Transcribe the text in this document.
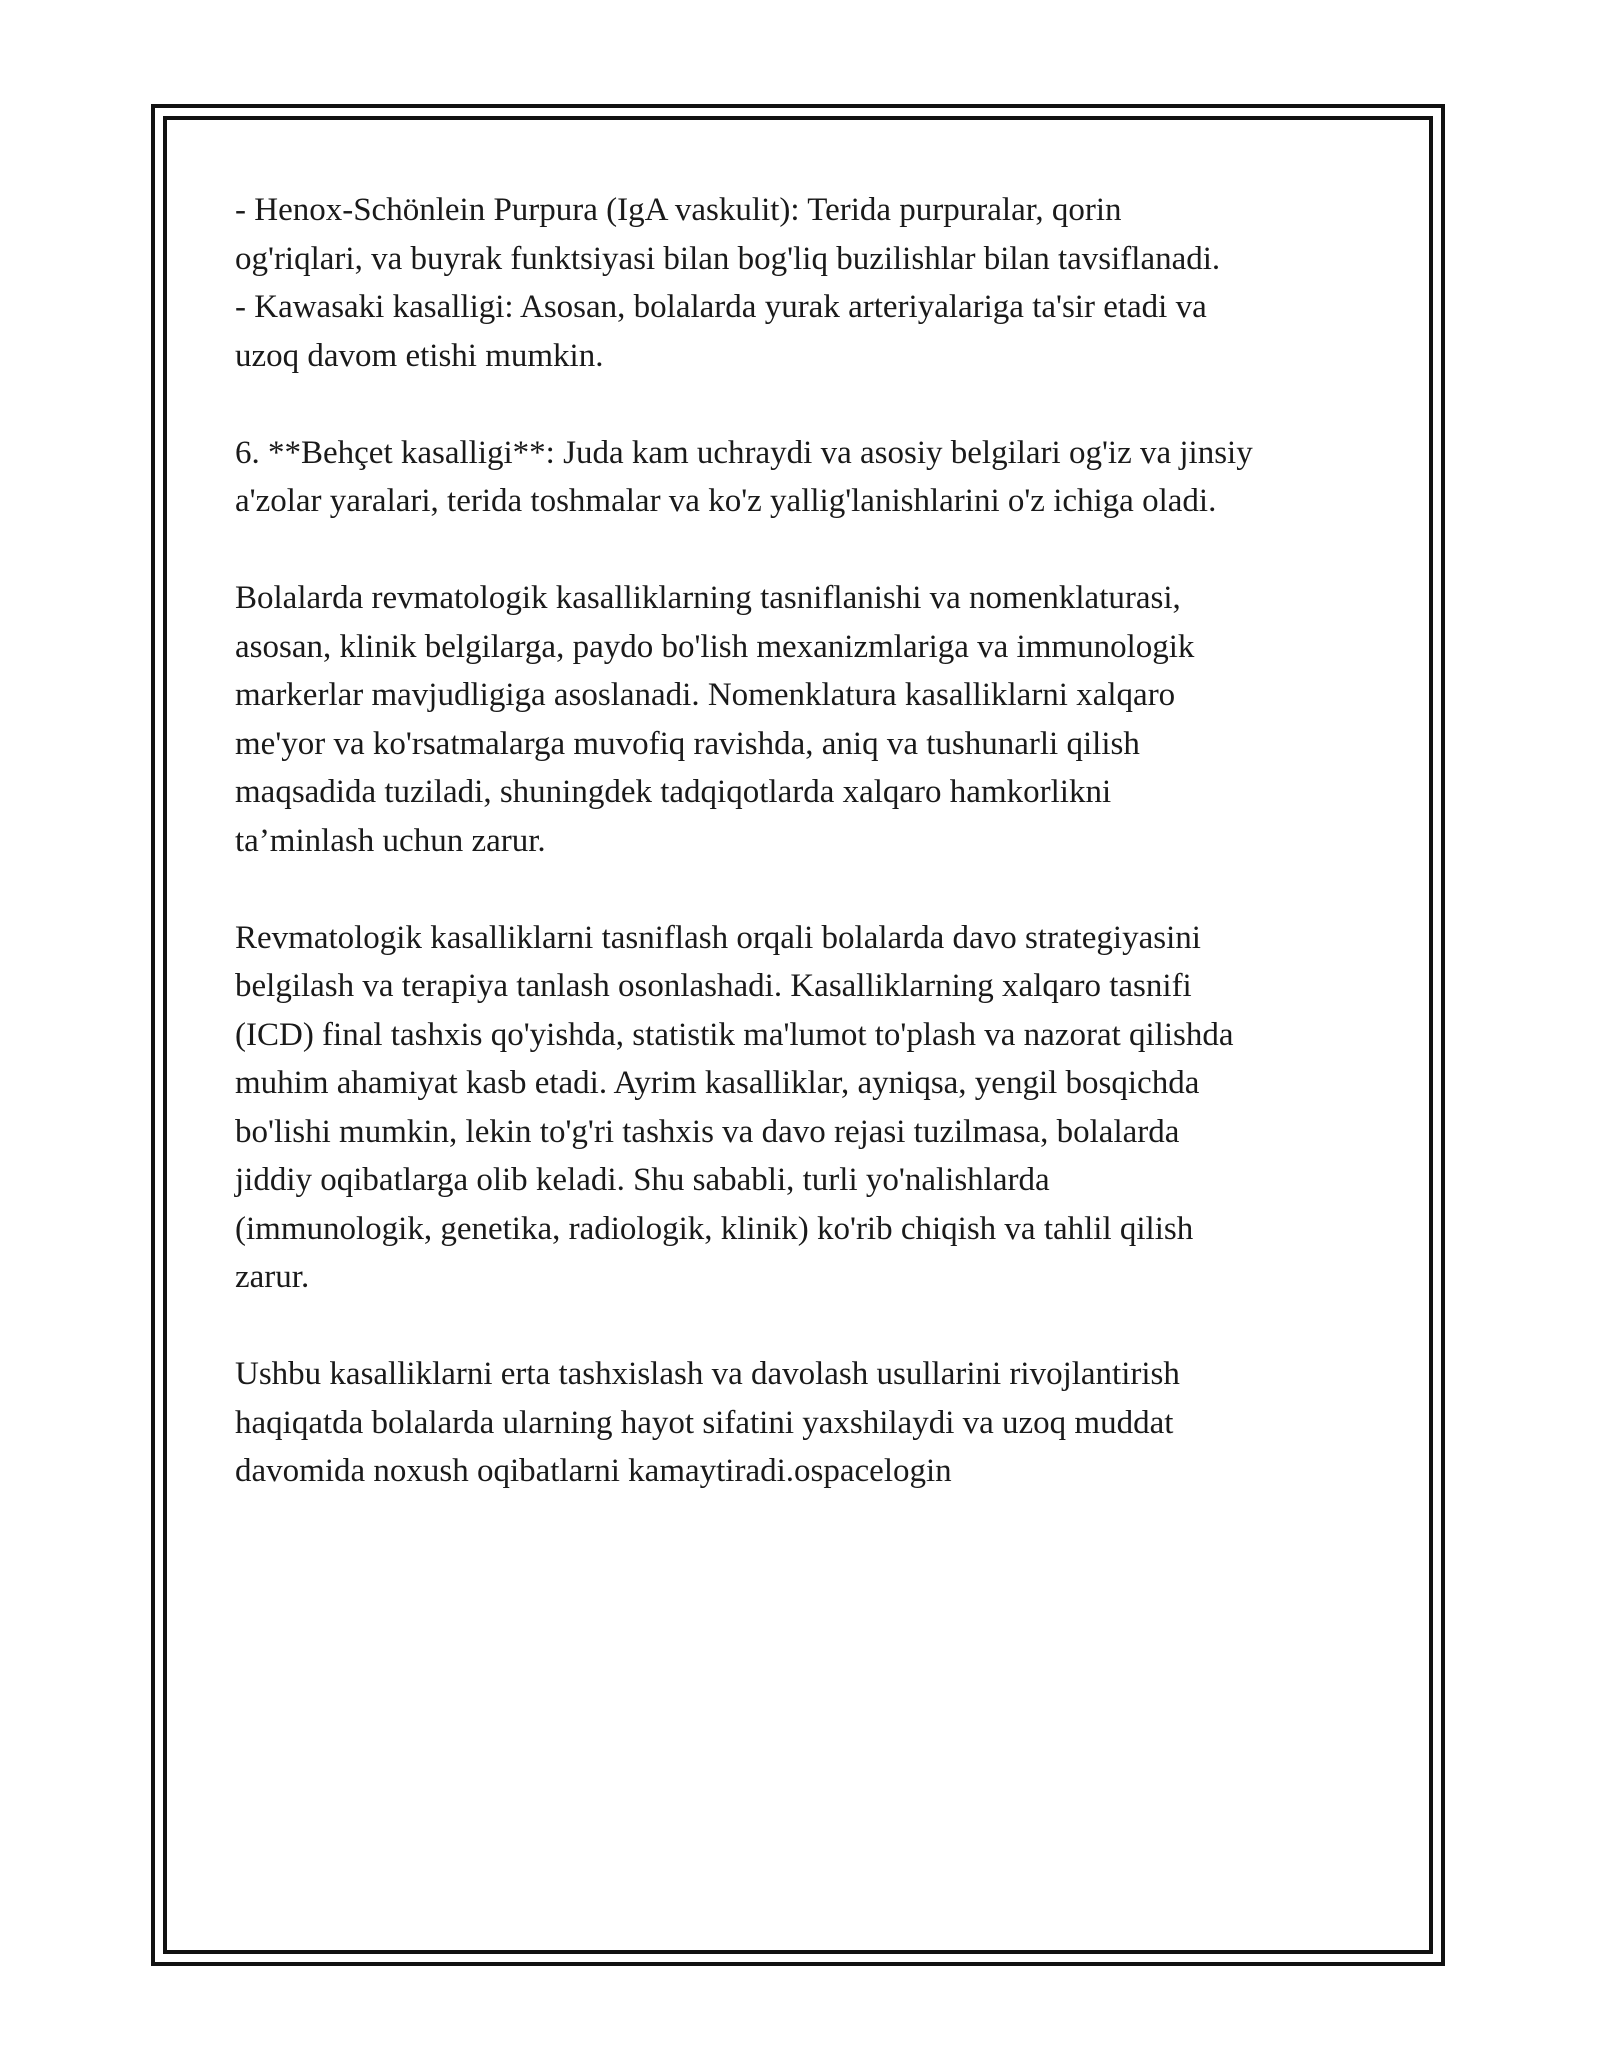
- Henox-Schönlein Purpura (IgA vaskulit): Terida purpuralar, qorin
og'riqlari, va buyrak funktsiyasi bilan bog'liq buzilishlar bilan tavsiflanadi.
- Kawasaki kasalligi: Asosan, bolalarda yurak arteriyalariga ta'sir etadi va
uzoq davom etishi mumkin.

6. **Behçet kasalligi**: Juda kam uchraydi va asosiy belgilari og'iz va jinsiy
a'zolar yaralari, terida toshmalar va ko'z yallig'lanishlarini o'z ichiga oladi.

Bolalarda revmatologik kasalliklarning tasniflanishi va nomenklaturasi,
asosan, klinik belgilarga, paydo bo'lish mexanizmlariga va immunologik
markerlar mavjudligiga asoslanadi. Nomenklatura kasalliklarni xalqaro
me'yor va ko'rsatmalarga muvofiq ravishda, aniq va tushunarli qilish
maqsadida tuziladi, shuningdek tadqiqotlarda xalqaro hamkorlikni
ta’minlash uchun zarur.

Revmatologik kasalliklarni tasniflash orqali bolalarda davo strategiyasini
belgilash va terapiya tanlash osonlashadi. Kasalliklarning xalqaro tasnifi
(ICD) final tashxis qo'yishda, statistik ma'lumot to'plash va nazorat qilishda
muhim ahamiyat kasb etadi. Ayrim kasalliklar, ayniqsa, yengil bosqichda
bo'lishi mumkin, lekin to'g'ri tashxis va davo rejasi tuzilmasa, bolalarda
jiddiy oqibatlarga olib keladi. Shu sababli, turli yo'nalishlarda
(immunologik, genetika, radiologik, klinik) ko'rib chiqish va tahlil qilish
zarur.

Ushbu kasalliklarni erta tashxislash va davolash usullarini rivojlantirish
haqiqatda bolalarda ularning hayot sifatini yaxshilaydi va uzoq muddat
davomida noxush oqibatlarni kamaytiradi.ospacelogin
